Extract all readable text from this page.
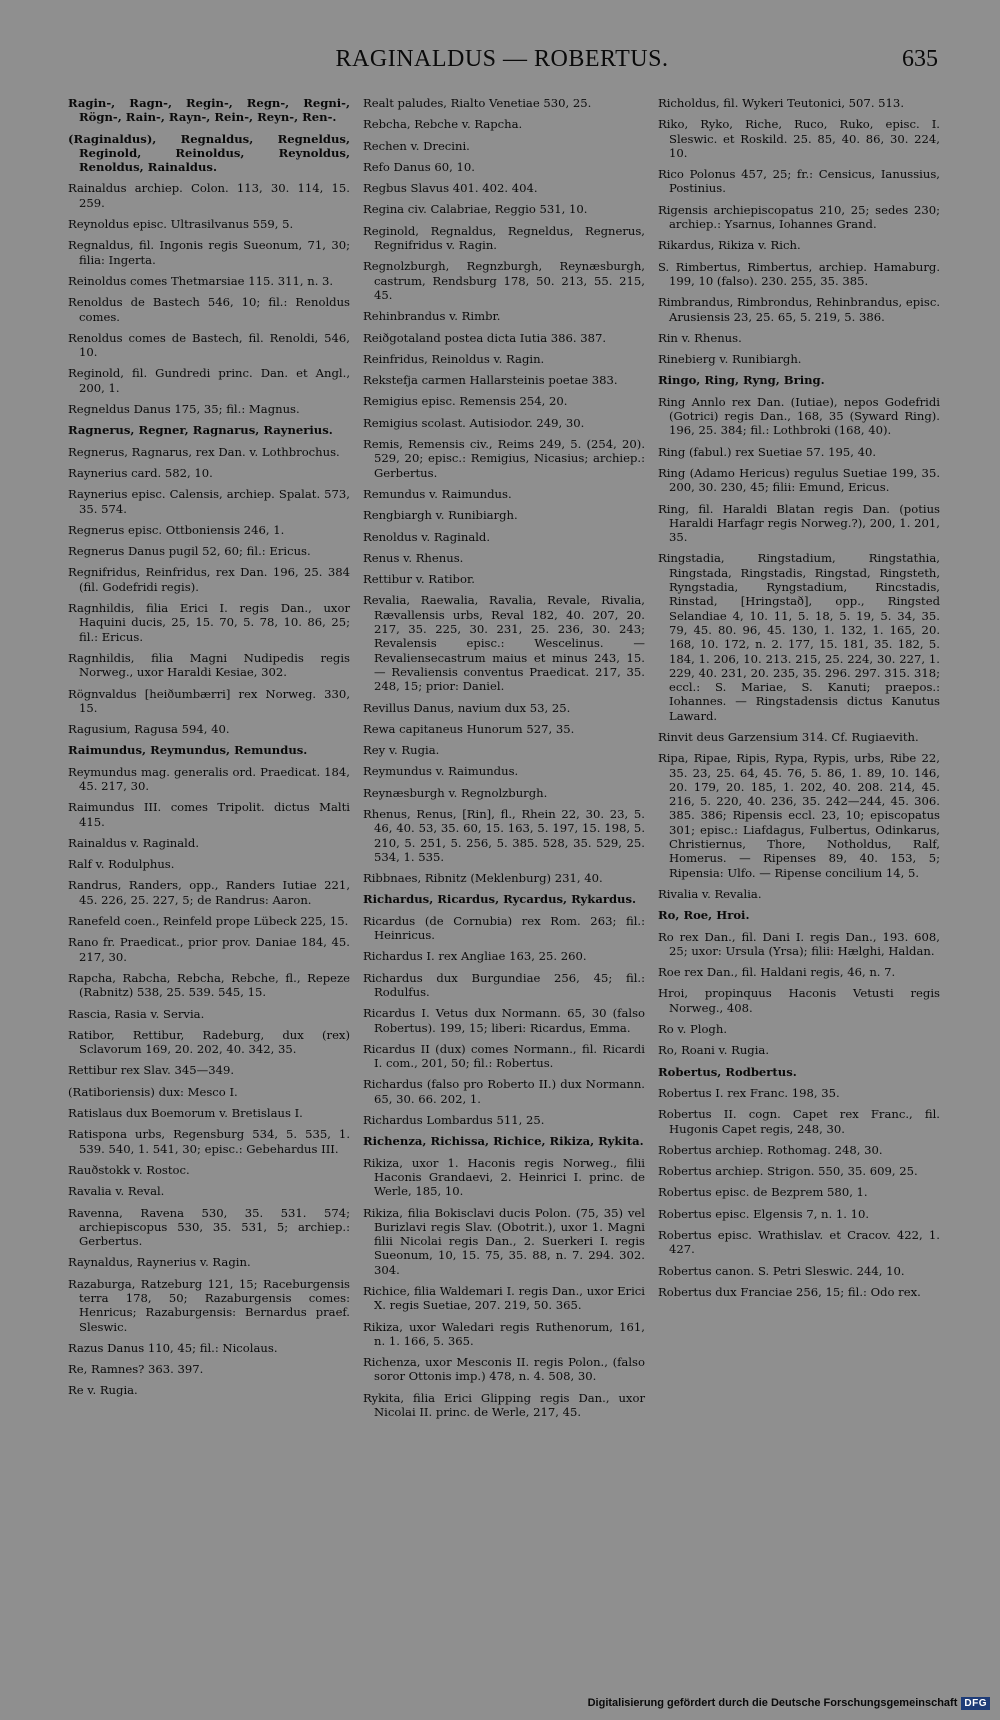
RAGINALDUS — ROBERTUS.	635

Ragin-, Ragn-, Regin-, Regn-, Regni-, Rögn-, Rain-, Rayn-, Rein-, Reyn-, Ren-.

(Raginaldus), Regnaldus, Regneldus, Reginold, Reinoldus, Reynoldus, Renoldus, Rainaldus.

Rainaldus archiep. Colon. 113, 30. 114, 15. 259.

Reynoldus episc. Ultrasilvanus 559, 5.

Regnaldus, fil. Ingonis regis Sueonum, 71, 30; filia: Ingerta.

Reinoldus comes Thetmarsiae 115. 311, n. 3.

Renoldus de Bastech 546, 10; fil.: Renoldus comes.

Renoldus comes de Bastech, fil. Renoldi, 546, 10.

Reginold, fil. Gundredi princ. Dan. et Angl., 200, 1.

Regneldus Danus 175, 35; fil.: Magnus.

Ragnerus, Regner, Ragnarus, Raynerius.

Regnerus, Ragnarus, rex Dan. v. Lothbrochus.

Raynerius card. 582, 10.

Raynerius episc. Calensis, archiep. Spalat. 573, 35. 574.

Regnerus episc. Ottboniensis 246, 1.

Regnerus Danus pugil 52, 60; fil.: Ericus.

Regnifridus, Reinfridus, rex Dan. 196, 25. 384 (fil. Godefridi regis).

Ragnhildis, filia Erici I. regis Dan., uxor Haquini ducis, 25, 15. 70, 5. 78, 10. 86, 25; fil.: Ericus.

Ragnhildis, filia Magni Nudipedis regis Norweg., uxor Haraldi Kesiae, 302.

Rögnvaldus [heiðumbærri] rex Norweg. 330, 15.

Ragusium, Ragusa 594, 40.

Raimundus, Reymundus, Remundus.

Reymundus mag. generalis ord. Praedicat. 184, 45. 217, 30.

Raimundus III. comes Tripolit. dictus Malti 415.

Rainaldus v. Raginald.

Ralf v. Rodulphus.

Randrus, Randers, opp., Randers Iutiae 221, 45. 226, 25. 227, 5; de Randrus: Aaron.

Ranefeld coen., Reinfeld prope Lübeck 225, 15.

Rano fr. Praedicat., prior prov. Daniae 184, 45. 217, 30.

Rapcha, Rabcha, Rebcha, Rebche, fl., Repeze (Rabnitz) 538, 25. 539. 545, 15.

Rascia, Rasia v. Servia.

Ratibor, Rettibur, Radeburg, dux (rex) Sclavorum 169, 20. 202, 40. 342, 35.

Rettibur rex Slav. 345—349.

(Ratiboriensis) dux: Mesco I.

Ratislaus dux Boemorum v. Bretislaus I.

Ratispona urbs, Regensburg 534, 5. 535, 1. 539. 540, 1. 541, 30; episc.: Gebehardus III.

Rauðstokk v. Rostoc.

Ravalia v. Reval.

Ravenna, Ravena 530, 35. 531. 574; archiepiscopus 530, 35. 531, 5; archiep.: Gerbertus.

Raynaldus, Raynerius v. Ragin.

Razaburga, Ratzeburg 121, 15; Raceburgensis terra 178, 50; Razaburgensis comes: Henricus; Razaburgensis: Bernardus praef. Sleswic.

Razus Danus 110, 45; fil.: Nicolaus.

Re, Ramnes? 363. 397.

Re v. Rugia.

Realt paludes, Rialto Venetiae 530, 25.

Rebcha, Rebche v. Rapcha.

Rechen v. Drecini.

Refo Danus 60, 10.

Regbus Slavus 401. 402. 404.

Regina civ. Calabriae, Reggio 531, 10.

Reginold, Regnaldus, Regneldus, Regnerus, Regnifridus v. Ragin.

Regnolzburgh, Regnzburgh, Reynæsburgh, castrum, Rendsburg 178, 50. 213, 55. 215, 45.

Rehinbrandus v. Rimbr.

Reiðgotaland postea dicta Iutia 386. 387.

Reinfridus, Reinoldus v. Ragin.

Rekstefja carmen Hallarsteinis poetae 383.

Remigius episc. Remensis 254, 20.

Remigius scolast. Autisiodor. 249, 30.

Remis, Remensis civ., Reims 249, 5. (254, 20). 529, 20; episc.: Remigius, Nicasius; archiep.: Gerbertus.

Remundus v. Raimundus.

Rengbiargh v. Runibiargh.

Renoldus v. Raginald.

Renus v. Rhenus.

Rettibur v. Ratibor.

Revalia, Raewalia, Ravalia, Revale, Rivalia, Rævallensis urbs, Reval 182, 40. 207, 20. 217, 35. 225, 30. 231, 25. 236, 30. 243; Revalensis episc.: Wescelinus. — Revaliensecastrum maius et minus 243, 15. — Revaliensis conventus Praedicat. 217, 35. 248, 15; prior: Daniel.

Revillus Danus, navium dux 53, 25.

Rewa capitaneus Hunorum 527, 35.

Rey v. Rugia.

Reymundus v. Raimundus.

Reynæsburgh v. Regnolzburgh.

Rhenus, Renus, [Rin], fl., Rhein 22, 30. 23, 5. 46, 40. 53, 35. 60, 15. 163, 5. 197, 15. 198, 5. 210, 5. 251, 5. 256, 5. 385. 528, 35. 529, 25. 534, 1. 535.

Ribbnaes, Ribnitz (Meklenburg) 231, 40.

Richardus, Ricardus, Rycardus, Rykardus.

Ricardus (de Cornubia) rex Rom. 263; fil.: Heinricus.

Richardus I. rex Angliae 163, 25. 260.

Richardus dux Burgundiae 256, 45; fil.: Rodulfus.

Ricardus I. Vetus dux Normann. 65, 30 (falso Robertus). 199, 15; liberi: Ricardus, Emma.

Ricardus II (dux) comes Normann., fil. Ricardi I. com., 201, 50; fil.: Robertus.

Richardus (falso pro Roberto II.) dux Normann. 65, 30. 66. 202, 1.

Richardus Lombardus 511, 25.

Richenza, Richissa, Richice, Rikiza, Rykita.

Rikiza, uxor 1. Haconis regis Norweg., filii Haconis Grandaevi, 2. Heinrici I. princ. de Werle, 185, 10.

Rikiza, filia Bokisclavi ducis Polon. (75, 35) vel Burizlavi regis Slav. (Obotrit.), uxor 1. Magni filii Nicolai regis Dan., 2. Suerkeri I. regis Sueonum, 10, 15. 75, 35. 88, n. 7. 294. 302. 304.

Richice, filia Waldemari I. regis Dan., uxor Erici X. regis Suetiae, 207. 219, 50. 365.

Rikiza, uxor Waledari regis Ruthenorum, 161, n. 1. 166, 5. 365.

Richenza, uxor Mesconis II. regis Polon., (falso soror Ottonis imp.) 478, n. 4. 508, 30.

Rykita, filia Erici Glipping regis Dan., uxor Nicolai II. princ. de Werle, 217, 45.

Richoldus, fil. Wykeri Teutonici, 507. 513.

Riko, Ryko, Riche, Ruco, Ruko, episc. I. Sleswic. et Roskild. 25. 85, 40. 86, 30. 224, 10.

Rico Polonus 457, 25; fr.: Censicus, Ianussius, Postinius.

Rigensis archiepiscopatus 210, 25; sedes 230; archiep.: Ysarnus, Iohannes Grand.

Rikardus, Rikiza v. Rich.

S. Rimbertus, Rimbertus, archiep. Hamaburg. 199, 10 (falso). 230. 255, 35. 385.

Rimbrandus, Rimbrondus, Rehinbrandus, episc. Arusiensis 23, 25. 65, 5. 219, 5. 386.

Rin v. Rhenus.

Rinebierg v. Runibiargh.

Ringo, Ring, Ryng, Bring.

Ring Annlo rex Dan. (Iutiae), nepos Godefridi (Gotrici) regis Dan., 168, 35 (Syward Ring). 196, 25. 384; fil.: Lothbroki (168, 40).

Ring (fabul.) rex Suetiae 57. 195, 40.

Ring (Adamo Hericus) regulus Suetiae 199, 35. 200, 30. 230, 45; filii: Emund, Ericus.

Ring, fil. Haraldi Blatan regis Dan. (potius Haraldi Harfagr regis Norweg.?), 200, 1. 201, 35.

Ringstadia, Ringstadium, Ringstathia, Ringstada, Ringstadis, Ringstad, Ringsteth, Ryngstadia, Ryngstadium, Rincstadis, Rinstad, [Hringstað], opp., Ringsted Selandiae 4, 10. 11, 5. 18, 5. 19, 5. 34, 35. 79, 45. 80. 96, 45. 130, 1. 132, 1. 165, 20. 168, 10. 172, n. 2. 177, 15. 181, 35. 182, 5. 184, 1. 206, 10. 213. 215, 25. 224, 30. 227, 1. 229, 40. 231, 20. 235, 35. 296. 297. 315. 318; eccl.: S. Mariae, S. Kanuti; praepos.: Iohannes. — Ringstadensis dictus Kanutus Laward.

Rinvit deus Garzensium 314. Cf. Rugiaevith.

Ripa, Ripae, Ripis, Rypa, Rypis, urbs, Ribe 22, 35. 23, 25. 64, 45. 76, 5. 86, 1. 89, 10. 146, 20. 179, 20. 185, 1. 202, 40. 208. 214, 45. 216, 5. 220, 40. 236, 35. 242—244, 45. 306. 385. 386; Ripensis eccl. 23, 10; episcopatus 301; episc.: Liafdagus, Fulbertus, Odinkarus, Christiernus, Thore, Notholdus, Ralf, Homerus. — Ripenses 89, 40. 153, 5; Ripensia: Ulfo. — Ripense concilium 14, 5.

Rivalia v. Revalia.

Ro, Roe, Hroi.

Ro rex Dan., fil. Dani I. regis Dan., 193. 608, 25; uxor: Ursula (Yrsa); filii: Hælghi, Haldan.

Roe rex Dan., fil. Haldani regis, 46, n. 7.

Hroi, propinquus Haconis Vetusti regis Norweg., 408.

Ro v. Plogh.

Ro, Roani v. Rugia.

Robertus, Rodbertus.

Robertus I. rex Franc. 198, 35.

Robertus II. cogn. Capet rex Franc., fil. Hugonis Capet regis, 248, 30.

Robertus archiep. Rothomag. 248, 30.

Robertus archiep. Strigon. 550, 35. 609, 25.

Robertus episc. de Bezprem 580, 1.

Robertus episc. Elgensis 7, n. 1. 10.

Robertus episc. Wrathislav. et Cracov. 422, 1. 427.

Robertus canon. S. Petri Sleswic. 244, 10.

Robertus dux Franciae 256, 15; fil.: Odo rex.

Digitalisierung gefördert durch die Deutsche Forschungsgemeinschaft DFG
